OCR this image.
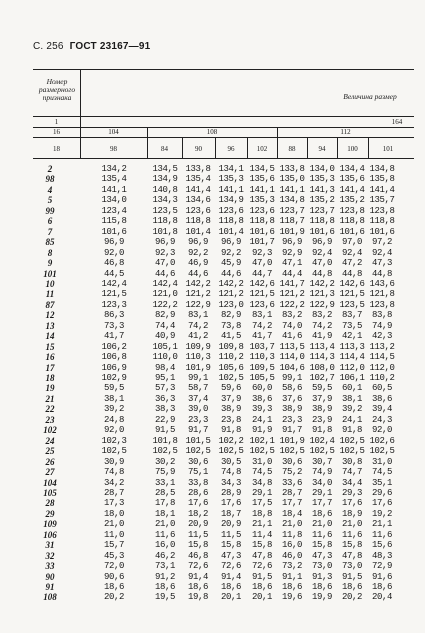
С. 256 ГОСТ 23167—91
Номер размерного признака	Величина размер
1	164
16	104	108	112
18	98	84	90	96	102	88	94	100	101
2	134,2	134,5 133,8 134,1 134,5 133,8 134,0 134,4 134,8
98	135,4	134,9 135,4 135,3 135,6 135,0 135,3 135,6 135,8
4	141,1	140,8 141,4 141,1 141,1 141,1 141,3 141,4 141,4
5	134,0	134,3 134,6 134,9 135,3 134,8 135,2 135,2 135,7
99	123,4	123,5 123,6 123,6 123,6 123,7 123,7 123,8 123,8
6	115,8	118,8 118,8 118,8 118,8 118,7 118,8 118,8 118,8
7	101,6	101,8 101,4 101,4 101,6 101,9 101,6 101,6 101,6
85	96,9	96,9	96,9	96,9 101,7 96,9	96,9	97,0	97,2
8	92,0	92,3	92,2	92,2	92,3	92,9	92,4	92,4	92,4
9	46,8	47,0	46,9	45,9	47,0	47,1	47,0	47,2	47,3
101	44,5	44,6	44,6	44,6	44,7	44,4	44,8	44,8	44,8
10	142,4	142,4 142,2 142,2 142,6 141,7 142,2 142,6 143,6
11	121,5	121,0 121,2 121,2 121,5 121,2 121,3 121,5 121,8
87	123,3	122,2 122,9 123,0 123,6 122,2 122,9 123,5 123,8
12	86,3	82,9	83,1	82,9	83,1	83,2	83,2	83,7	83,8
13	73,3	74,4	74,2	73,8	74,2	74,0	74,2	73,5	74,9
14	41,7	40,9	41,2	41,5	41,7	41,6	41,9	42,1	42,3
15	106,2	105,1 109,9 109,8 103,7 113,5 113,4 113,3 113,2
16	106,8	110,0 110,3 110,2 110,3 114,0 114,3 114,4 114,5
17	106,9	98,4	101,9 105,6 109,5 104,6 108,0 112,0 112,0
18	102,9	95,1	99,1	102,5 105,5 99,1 102,7 106,1 110,2
19	59,5	57,3	58,7	59,6	60,0	58,6	59,5	60,1	60,5
21	38,1	36,3	37,4	37,9	38,6	37,6	37,9	38,1	38,6
22	39,2	38,3	39,0	38,9	39,3	38,9	38,9	39,2	39,4
23	24,8	22,9	23,3	23,8	24,1	23,3	23,9	24,1	24,3
102	92,0	91,5	91,7	91,8	91,9	91,7	91,8	91,8	92,0
24	102,3	101,8 101,5 102,2 102,1 101,9 102,4 102,5 102,6
25	102,5	102,5 102,5 102,5 102,5 102,5 102,5 102,5 102,5
26	30,9	30,2	30,6	30,5	31,0	30,6	30,7	30,8	31,0
27	74,8	75,9	75,1	74,8	74,5	75,2	74,9	74,7	74,5
104	34,2	33,1	33,8	34,3	34,8	33,6	34,0	34,4	35,1
105	28,7	28,5	28,6	28,9	29,1	28,7	29,1	29,3	29,6
28	17,3	17,8	17,6	17,6	17,5	17,7	17,7	17,6	17,6
29	18,0	18,1	18,2	18,7	18,8	18,4	18,6	18,9	19,2
109	21,0	21,0	20,9	20,9	21,1	21,0	21,0	21,0	21,1
106	11,0	11,6	11,5	11,5	11,4	11,8	11,6	11,6	11,6
31	15,7	16,0	15,8	15,8	15,8	16,0	15,8	15,8	15,6
32	45,3	46,2	46,8	47,3	47,8	46,0	47,3	47,8	48,3
33	72,0	73,1	72,6	72,6	72,6	73,2	73,0	73,0	72,9
90	90,6	91,2	91,4	91,4	91,5	91,1	91,3	91,5	91,6
91	18,6	18,6	18,6	18,6	18,6	18,6	18,6	18,6	18,6
108	20,2	19,5	19,8	20,1	20,1	19,6	19,9	20,2	20,4
